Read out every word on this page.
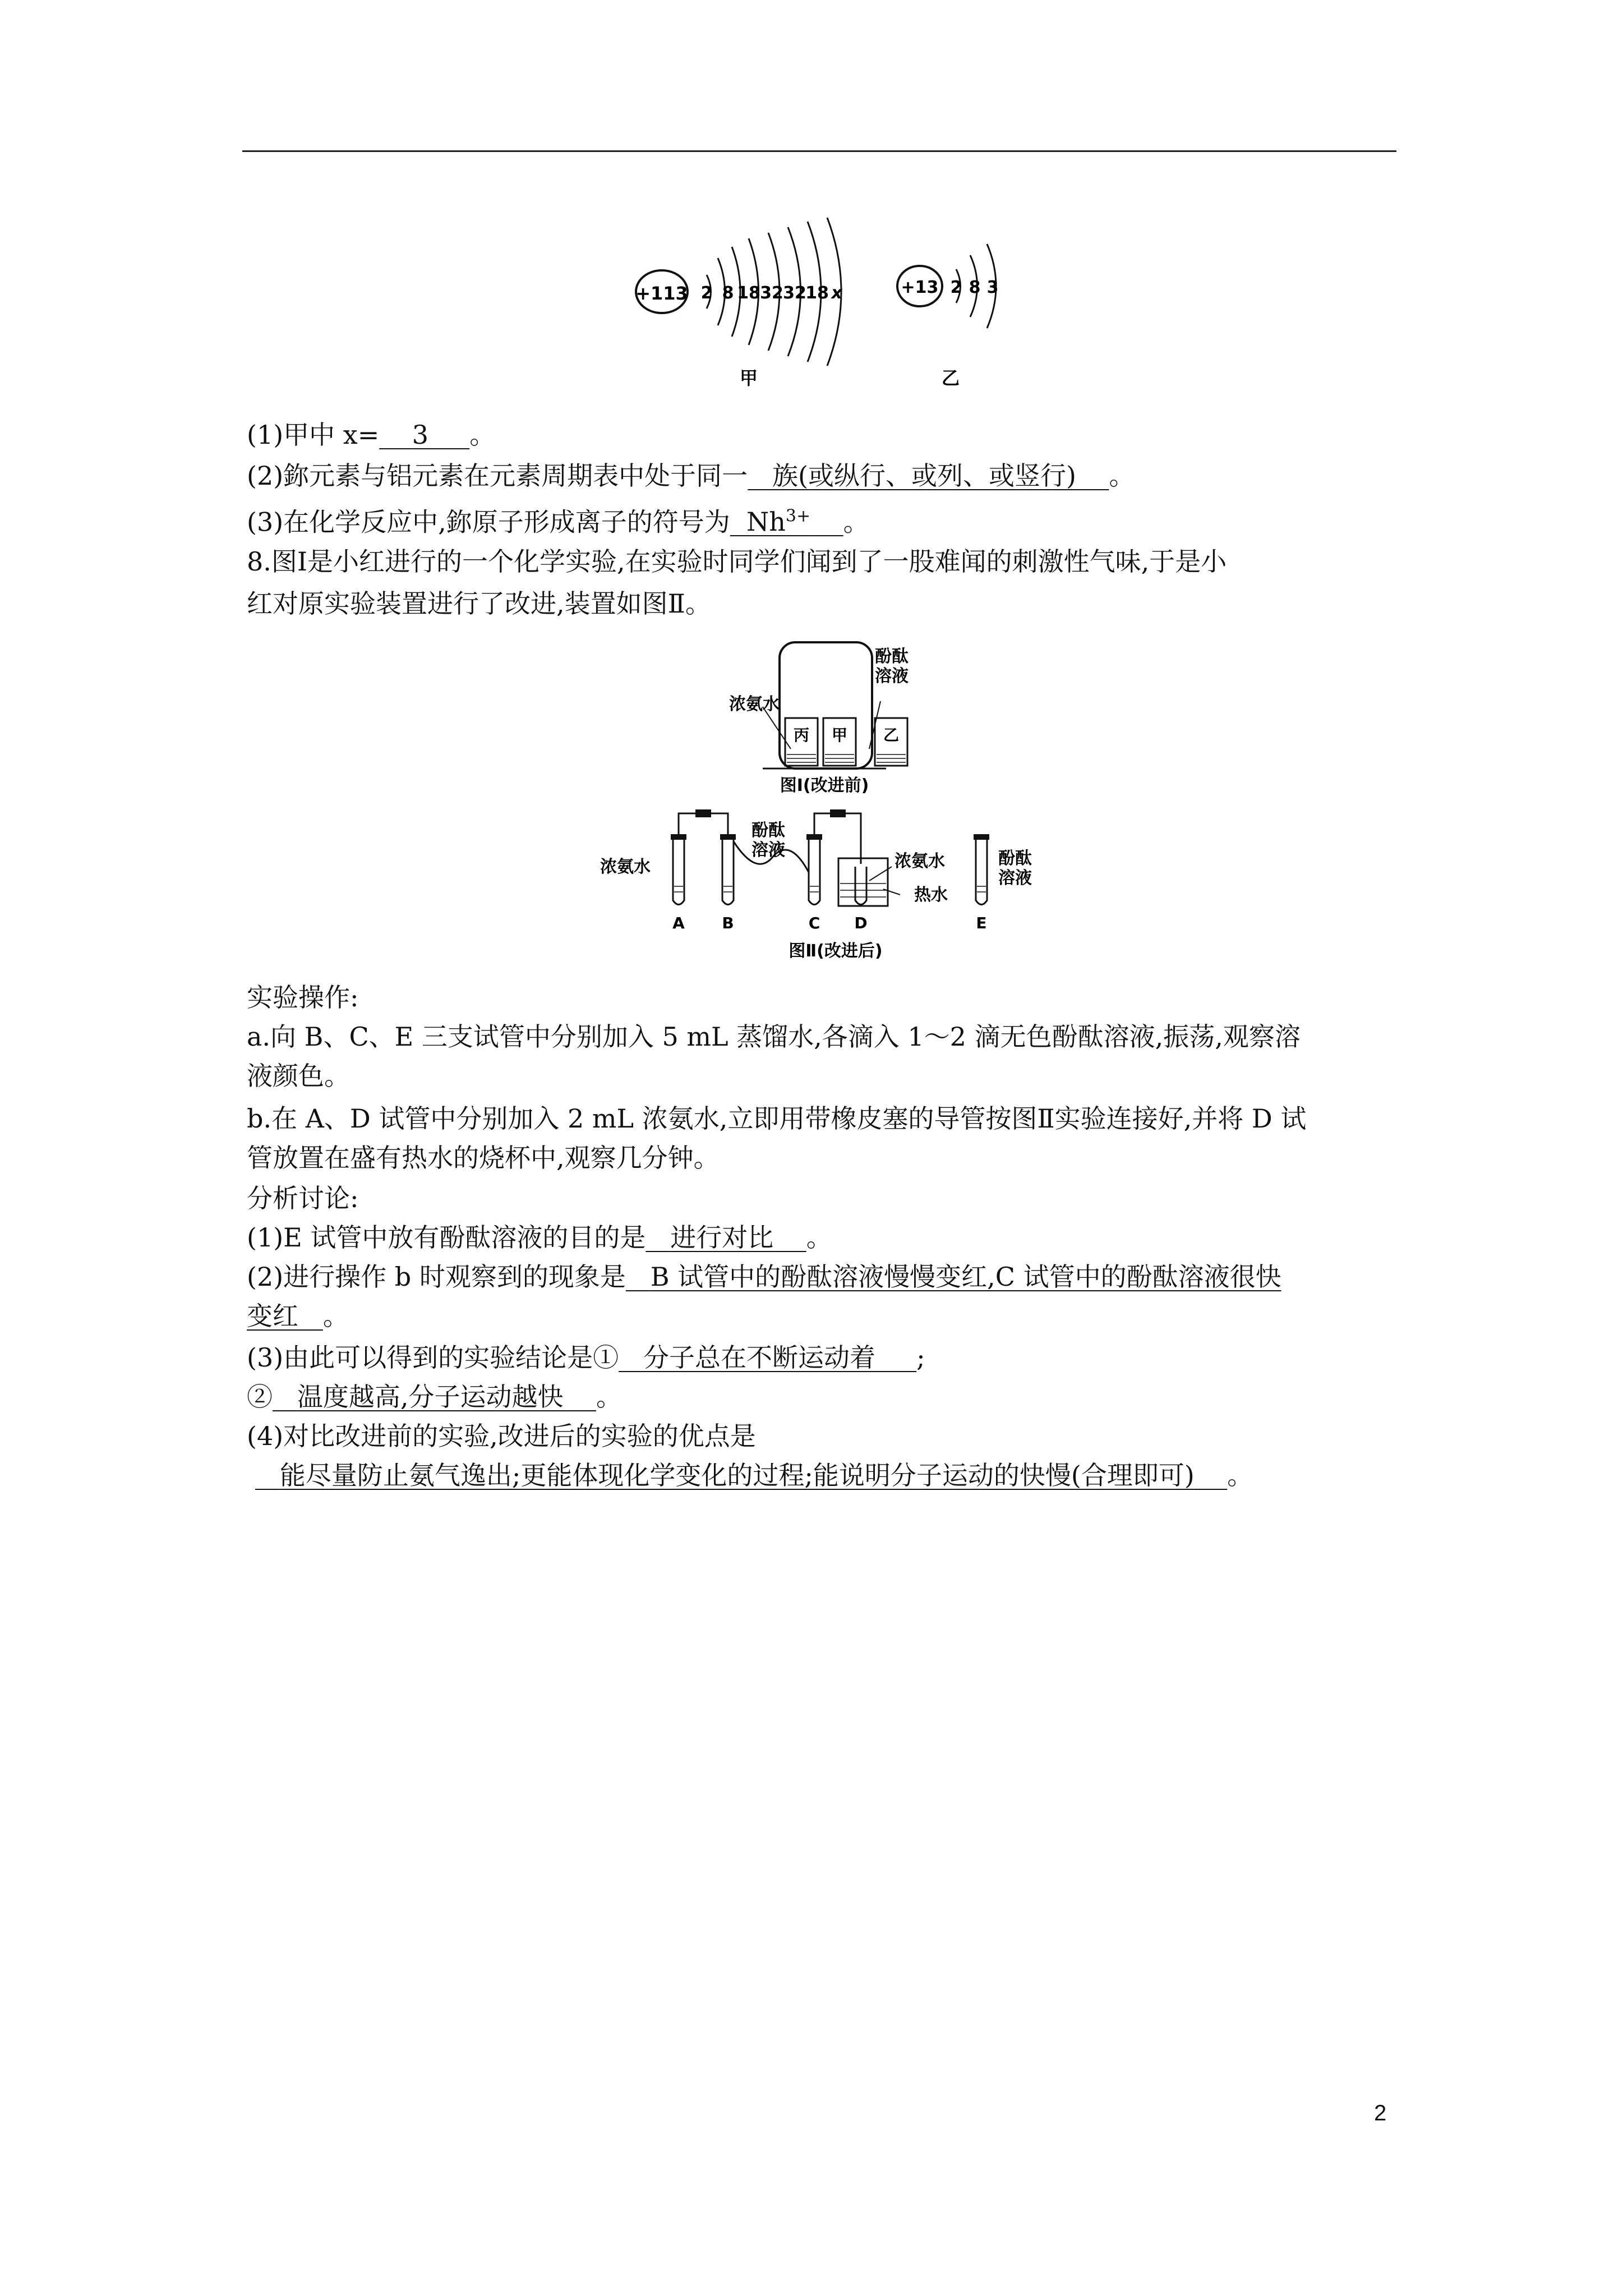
+113 2 8 18 32 32
18 x
甲
+13 2 8 3
乙
(1)甲中 x= 3 。
(2)鉨元素与铝元素在元素周期表中处于同一 族(或纵行、或列、或竖行) 。
(3)在化学反应中,鉨原子形成离子的符号为 $Nh^{3+}$ 。
8.图Ⅰ是小红进行的一个化学实验,在实验时同学们闻到了一股难闻的刺激性气味,于是小
红对原实验装置进行了改进,装置如图Ⅱ。
浓氨水
酚酞
溶液
丙 甲 乙
图Ⅰ(改进前)
浓氨水
酚酞
溶液
浓氨水
热水
酚酞
溶液
A B	C D	E
图Ⅱ(改进后)
实验操作:
a.向 B、C、E 三支试管中分别加入 5 mL 蒸馏水,各滴入 1～2 滴无色酚酞溶液,振荡,观察溶
液颜色。
b.在 A、D 试管中分别加入 2 mL 浓氨水,立即用带橡皮塞的导管按图Ⅱ实验连接好,并将 D 试
管放置在盛有热水的烧杯中,观察几分钟。
分析讨论:
(1)E 试管中放有酚酞溶液的目的是 进行对比 。
(2)进行操作 b 时观察到的现象是 B 试管中的酚酞溶液慢慢变红,C 试管中的酚酞溶液很快
变红 。
(3)由此可以得到的实验结论是① 分子总在不断运动着 ;
② 温度越高,分子运动越快 。
(4)对比改进前的实验,改进后的实验的优点是
能尽量防止氨气逸出;更能体现化学变化的过程;能说明分子运动的快慢(合理即可) 。
2
